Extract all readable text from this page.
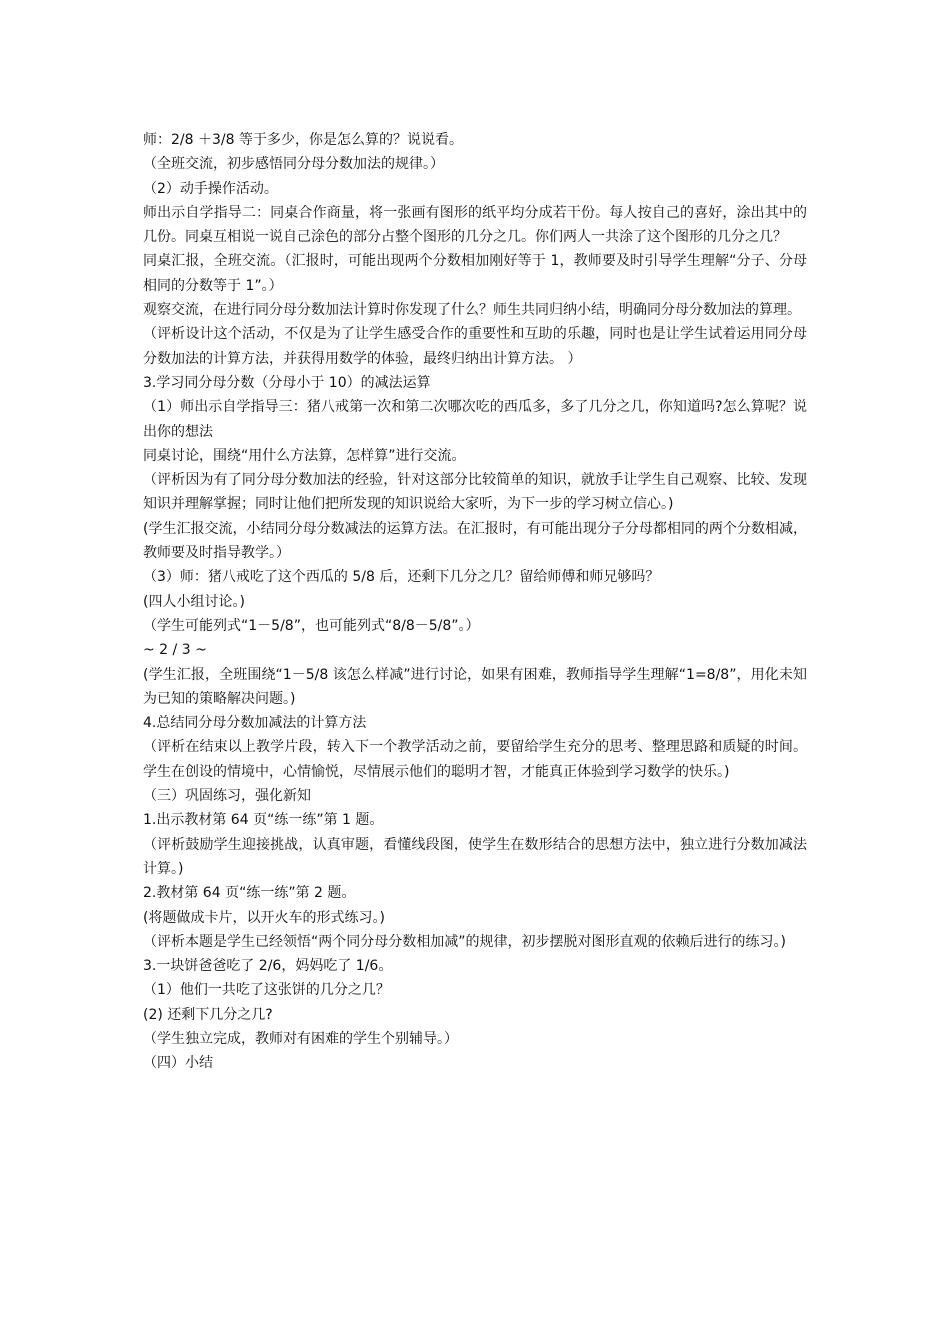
师：2/8 ＋3/8 等于多少，你是怎么算的？说说看。

（全班交流，初步感悟同分母分数加法的规律。）

（2）动手操作活动。

师出示自学指导二：同桌合作商量，将一张画有图形的纸平均分成若干份。每人按自己的喜好，涂出其中的几份。同桌互相说一说自己涂色的部分占整个图形的几分之几。你们两人一共涂了这个图形的几分之几？

同桌汇报，全班交流。（汇报时，可能出现两个分数相加刚好等于 1，教师要及时引导学生理解“分子、分母相同的分数等于 1”。）

观察交流，在进行同分母分数加法计算时你发现了什么？师生共同归纳小结，明确同分母分数加法的算理。

（评析设计这个活动，不仅是为了让学生感受合作的重要性和互助的乐趣，同时也是让学生试着运用同分母分数加法的计算方法，并获得用数学的体验，最终归纳出计算方法。 ）

3.学习同分母分数（分母小于 10）的减法运算

（1）师出示自学指导三：猪八戒第一次和第二次哪次吃的西瓜多，多了几分之几，你知道吗?怎么算呢？说出你的想法

同桌讨论，围绕“用什么方法算，怎样算”进行交流。

（评析因为有了同分母分数加法的经验，针对这部分比较简单的知识，就放手让学生自己观察、比较、发现知识并理解掌握；同时让他们把所发现的知识说给大家听，为下一步的学习树立信心。)

(学生汇报交流，小结同分母分数减法的运算方法。在汇报时，有可能出现分子分母都相同的两个分数相减，教师要及时指导教学。）

（3）师：猪八戒吃了这个西瓜的 5/8 后，还剩下几分之几？留给师傅和师兄够吗？

(四人小组讨论。)

（学生可能列式“1－5/8”，也可能列式“8/8－5/8”。）

~ 2 / 3 ~

(学生汇报，全班围绕“1－5/8 该怎么样减”进行讨论，如果有困难，教师指导学生理解“1=8/8”，用化未知为已知的策略解决问题。)

4.总结同分母分数加减法的计算方法

（评析在结束以上教学片段，转入下一个教学活动之前，要留给学生充分的思考、整理思路和质疑的时间。学生在创设的情境中，心情愉悦，尽情展示他们的聪明才智，才能真正体验到学习数学的快乐。)

（三）巩固练习，强化新知

1.出示教材第 64 页“练一练”第 1 题。

（评析鼓励学生迎接挑战，认真审题，看懂线段图，使学生在数形结合的思想方法中，独立进行分数加减法计算。)

2.教材第 64 页“练一练”第 2 题。

(将题做成卡片，以开火车的形式练习。)

（评析本题是学生已经领悟“两个同分母分数相加减”的规律，初步摆脱对图形直观的依赖后进行的练习。)

3.一块饼爸爸吃了 2/6，妈妈吃了 1/6。

（1）他们一共吃了这张饼的几分之几？

(2) 还剩下几分之几?

（学生独立完成，教师对有困难的学生个别辅导。）

（四）小结
